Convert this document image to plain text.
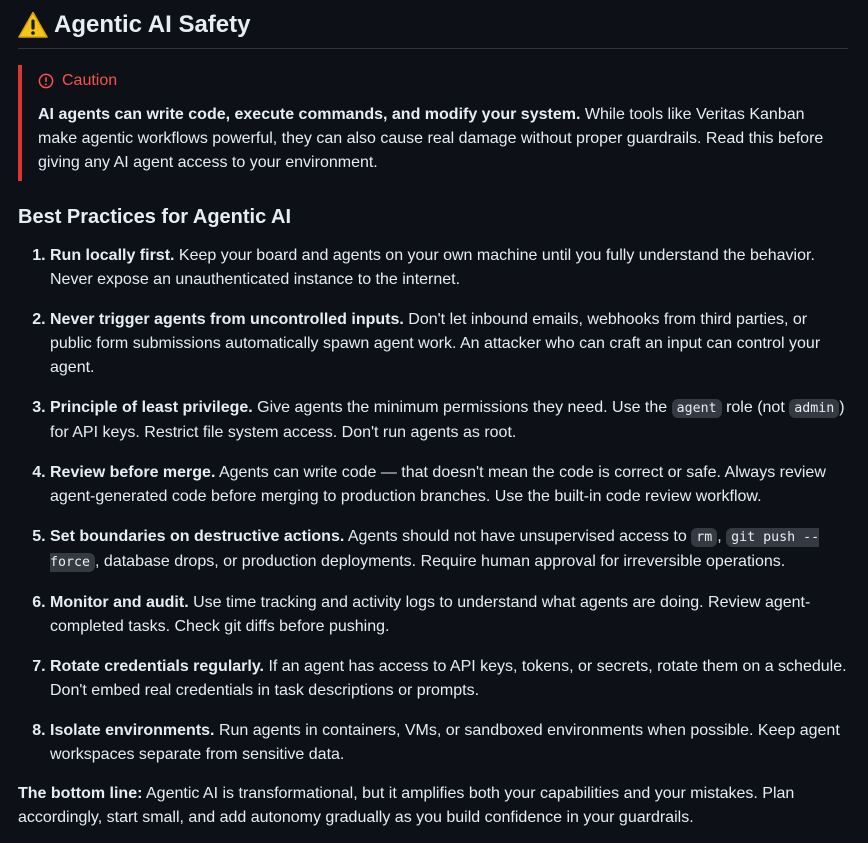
Agentic AI Safety
Caution
AI agents can write code, execute commands, and modify your system. While tools like Veritas Kanban make agentic workflows powerful, they can also cause real damage without proper guardrails. Read this before giving any AI agent access to your environment.
Best Practices for Agentic AI
1. Run locally first. Keep your board and agents on your own machine until you fully understand the behavior. Never expose an unauthenticated instance to the internet.
2. Never trigger agents from uncontrolled inputs. Don't let inbound emails, webhooks from third parties, or public form submissions automatically spawn agent work. An attacker who can craft an input can control your agent.
3. Principle of least privilege. Give agents the minimum permissions they need. Use the agent role (not admin ) for API keys. Restrict file system access. Don't run agents as root.
4. Review before merge. Agents can write code — that doesn't mean the code is correct or safe. Always review agent-generated code before merging to production branches. Use the built-in code review workflow.
5. Set boundaries on destructive actions. Agents should not have unsupervised access to rm , git push --force , database drops, or production deployments. Require human approval for irreversible operations.
6. Monitor and audit. Use time tracking and activity logs to understand what agents are doing. Review agent-completed tasks. Check git diffs before pushing.
7. Rotate credentials regularly. If an agent has access to API keys, tokens, or secrets, rotate them on a schedule. Don't embed real credentials in task descriptions or prompts.
8. Isolate environments. Run agents in containers, VMs, or sandboxed environments when possible. Keep agent workspaces separate from sensitive data.
The bottom line: Agentic AI is transformational, but it amplifies both your capabilities and your mistakes. Plan accordingly, start small, and add autonomy gradually as you build confidence in your guardrails.
